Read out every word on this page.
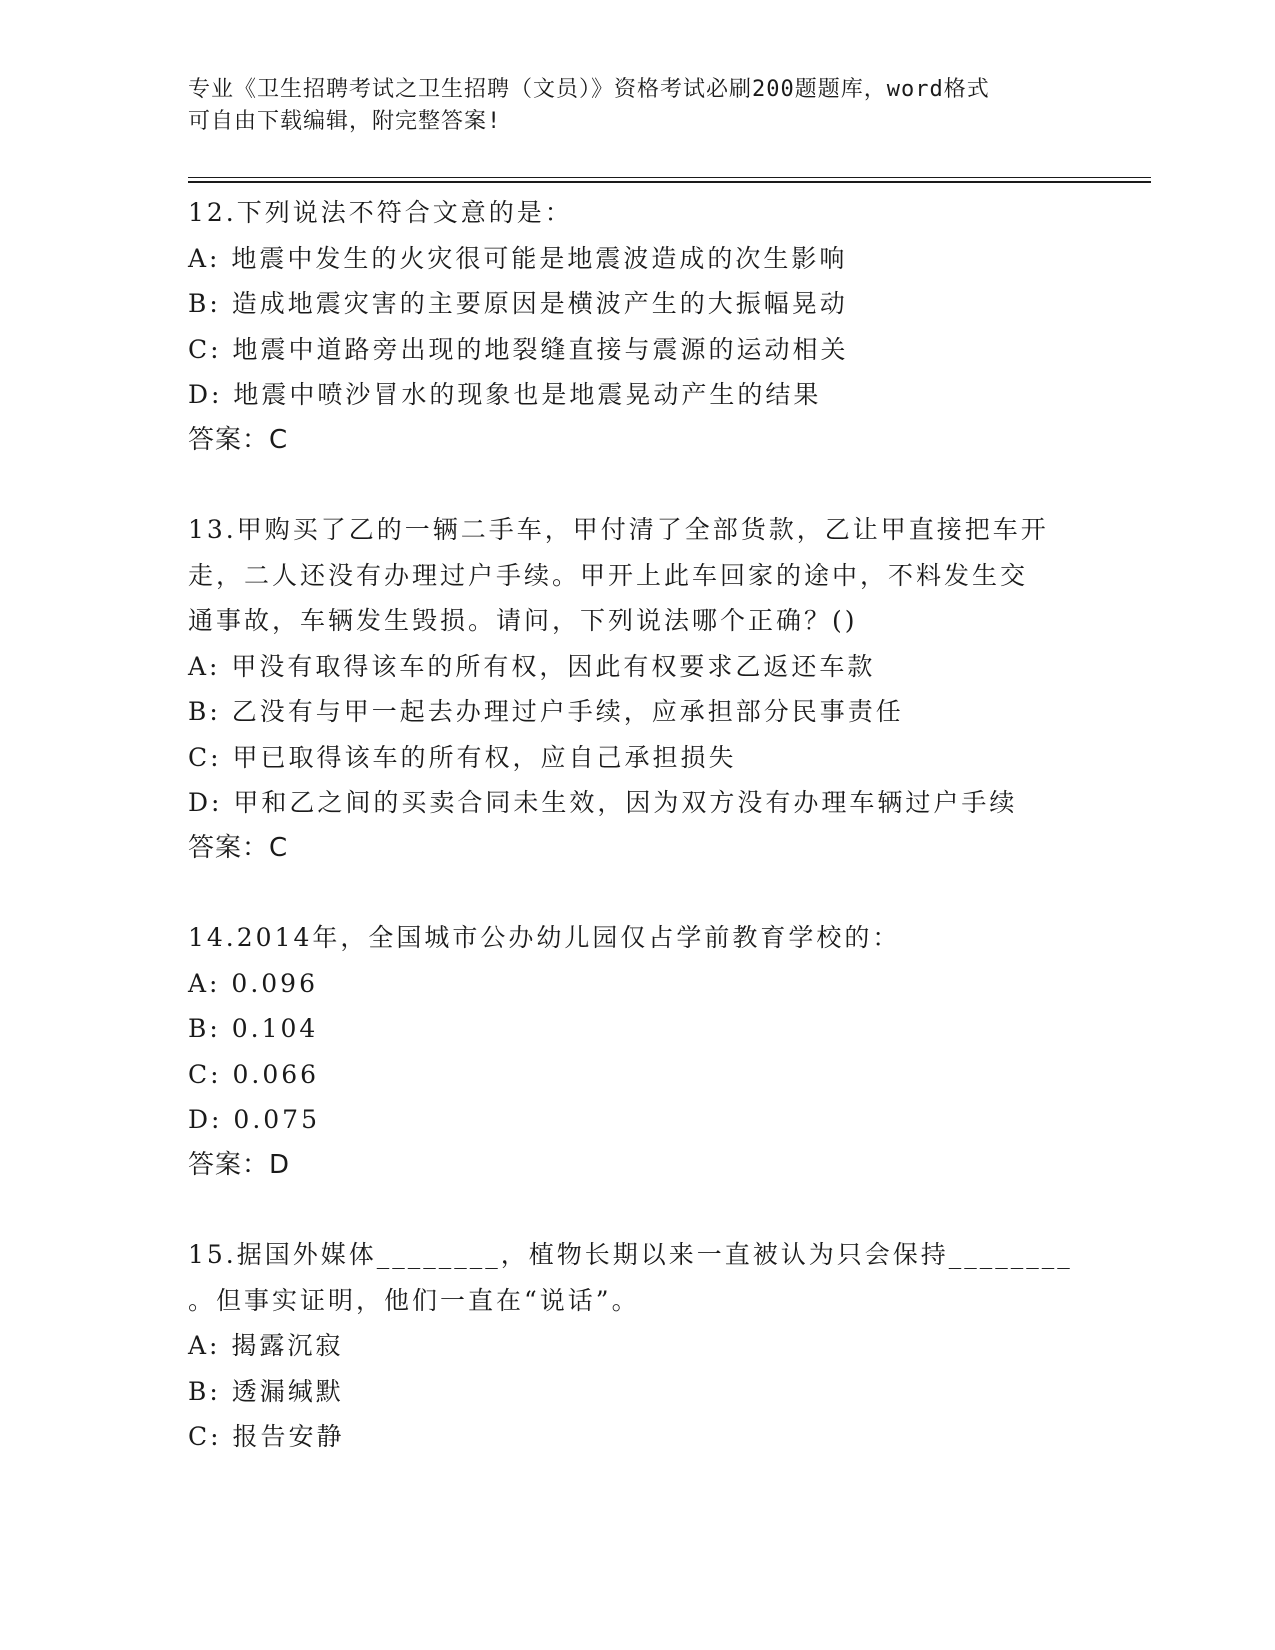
专业《卫生招聘考试之卫生招聘（文员）》资格考试必刷200题题库，word格式
可自由下载编辑，附完整答案!
12.下列说法不符合文意的是：
A: 地震中发生的火灾很可能是地震波造成的次生影响
B: 造成地震灾害的主要原因是横波产生的大振幅晃动
C: 地震中道路旁出现的地裂缝直接与震源的运动相关
D: 地震中喷沙冒水的现象也是地震晃动产生的结果
答案：C
13.甲购买了乙的一辆二手车，甲付清了全部货款，乙让甲直接把车开
走，二人还没有办理过户手续。甲开上此车回家的途中，不料发生交
通事故，车辆发生毁损。请问，下列说法哪个正确？()
A: 甲没有取得该车的所有权，因此有权要求乙返还车款
B: 乙没有与甲一起去办理过户手续，应承担部分民事责任
C: 甲已取得该车的所有权，应自己承担损失
D: 甲和乙之间的买卖合同未生效，因为双方没有办理车辆过户手续
答案：C
14.2014年，全国城市公办幼儿园仅占学前教育学校的：
A: 0.096
B: 0.104
C: 0.066
D: 0.075
答案：D
15.据国外媒体________，植物长期以来一直被认为只会保持________
。但事实证明，他们一直在“说话”。
A: 揭露沉寂
B: 透漏缄默
C: 报告安静
